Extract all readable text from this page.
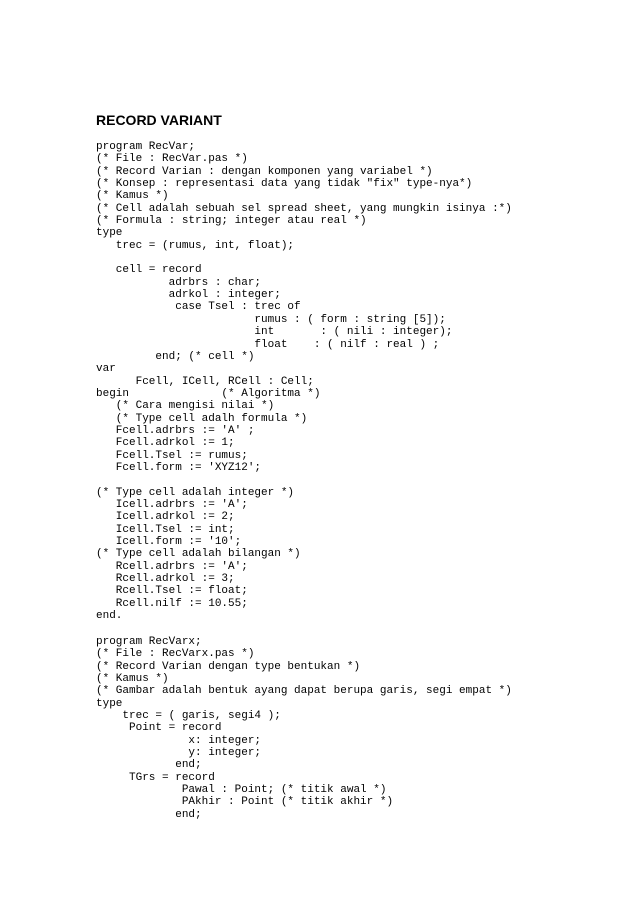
RECORD VARIANT
program RecVar;
(* File : RecVar.pas *)
(* Record Varian : dengan komponen yang variabel *)
(* Konsep : representasi data yang tidak "fix" type-nya*)
(* Kamus *)
(* Cell adalah sebuah sel spread sheet, yang mungkin isinya :*)
(* Formula : string; integer atau real *)
type
trec = (rumus, int, float);

cell = record
adrbrs : char;
adrkol : integer;
case Tsel : trec of
rumus : ( form : string [5]);
int       : ( nili : integer);
float    : ( nilf : real ) ;
end; (* cell *)
var
Fcell, ICell, RCell : Cell;
begin              (* Algoritma *)
(* Cara mengisi nilai *)
(* Type cell adalh formula *)
Fcell.adrbrs := 'A' ;
Fcell.adrkol := 1;
Fcell.Tsel := rumus;
Fcell.form := 'XYZ12';

(* Type cell adalah integer *)
Icell.adrbrs := 'A';
Icell.adrkol := 2;
Icell.Tsel := int;
Icell.form := '10';
(* Type cell adalah bilangan *)
Rcell.adrbrs := 'A';
Rcell.adrkol := 3;
Rcell.Tsel := float;
Rcell.nilf := 10.55;
end.
program RecVarx;
(* File : RecVarx.pas *)
(* Record Varian dengan type bentukan *)
(* Kamus *)
(* Gambar adalah bentuk ayang dapat berupa garis, segi empat *)
type
trec = ( garis, segi4 );
Point = record
x: integer;
y: integer;
end;
TGrs = record
Pawal : Point; (* titik awal *)
PAkhir : Point (* titik akhir *)
end;
